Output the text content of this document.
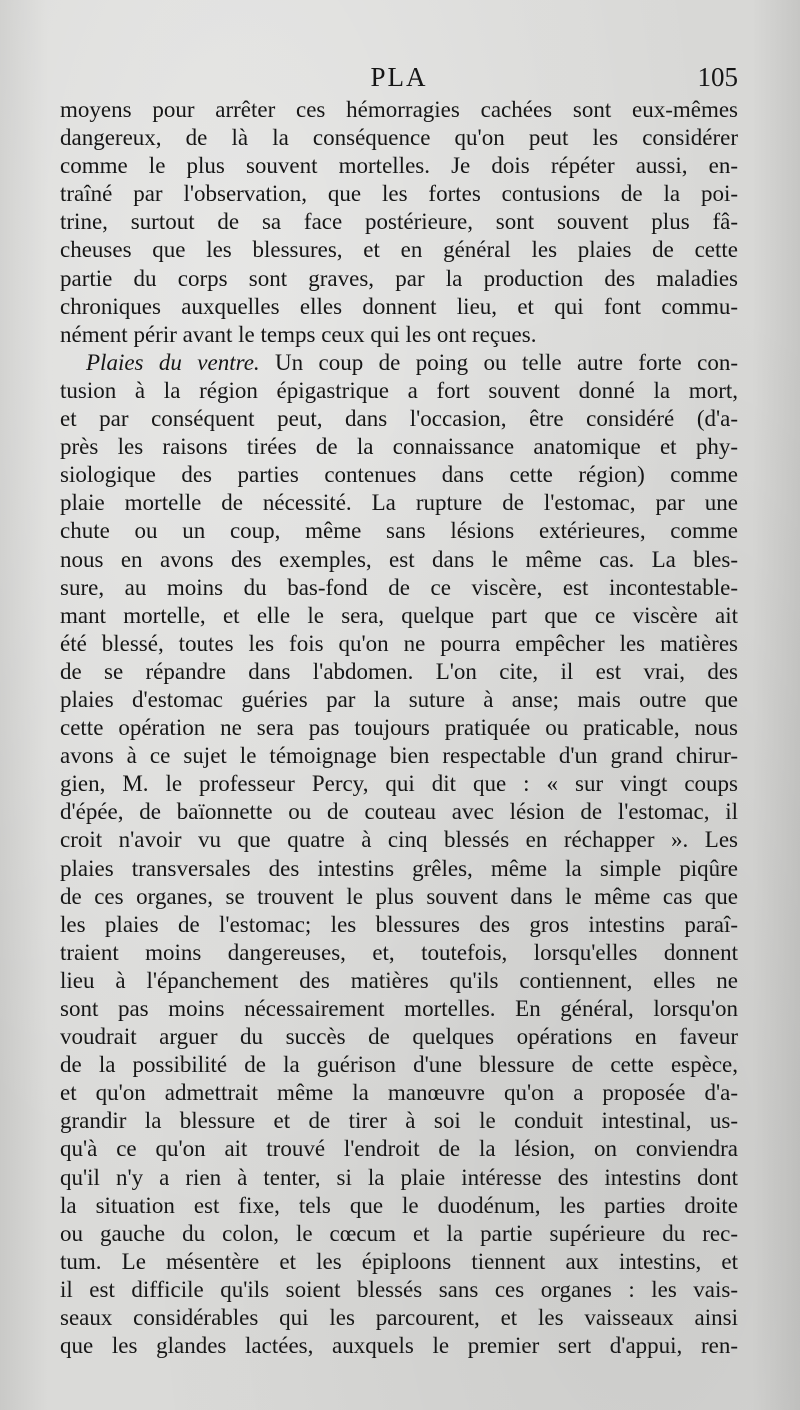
PLA	105
moyens pour arrêter ces hémorragies cachées sont eux-mêmes
dangereux, de là la conséquence qu'on peut les considérer
comme le plus souvent mortelles. Je dois répéter aussi, en-
traîné par l'observation, que les fortes contusions de la poi-
trine, surtout de sa face postérieure, sont souvent plus fâ-
cheuses que les blessures, et en général les plaies de cette
partie du corps sont graves, par la production des maladies
chroniques auxquelles elles donnent lieu, et qui font commu-
nément périr avant le temps ceux qui les ont reçues.
Plaies du ventre. Un coup de poing ou telle autre forte con-
tusion à la région épigastrique a fort souvent donné la mort,
et par conséquent peut, dans l'occasion, être considéré (d'a-
près les raisons tirées de la connaissance anatomique et phy-
siologique des parties contenues dans cette région) comme
plaie mortelle de nécessité. La rupture de l'estomac, par une
chute ou un coup, même sans lésions extérieures, comme
nous en avons des exemples, est dans le même cas. La bles-
sure, au moins du bas-fond de ce viscère, est incontestable-
mant mortelle, et elle le sera, quelque part que ce viscère ait
été blessé, toutes les fois qu'on ne pourra empêcher les matières
de se répandre dans l'abdomen. L'on cite, il est vrai, des
plaies d'estomac guéries par la suture à anse; mais outre que
cette opération ne sera pas toujours pratiquée ou praticable, nous
avons à ce sujet le témoignage bien respectable d'un grand chirur-
gien, M. le professeur Percy, qui dit que : « sur vingt coups
d'épée, de baïonnette ou de couteau avec lésion de l'estomac, il
croit n'avoir vu que quatre à cinq blessés en réchapper ». Les
plaies transversales des intestins grêles, même la simple piqûre
de ces organes, se trouvent le plus souvent dans le même cas que
les plaies de l'estomac; les blessures des gros intestins paraî-
traient moins dangereuses, et, toutefois, lorsqu'elles donnent
lieu à l'épanchement des matières qu'ils contiennent, elles ne
sont pas moins nécessairement mortelles. En général, lorsqu'on
voudrait arguer du succès de quelques opérations en faveur
de la possibilité de la guérison d'une blessure de cette espèce,
et qu'on admettrait même la manœuvre qu'on a proposée d'a-
grandir la blessure et de tirer à soi le conduit intestinal, us-
qu'à ce qu'on ait trouvé l'endroit de la lésion, on conviendra
qu'il n'y a rien à tenter, si la plaie intéresse des intestins dont
la situation est fixe, tels que le duodénum, les parties droite
ou gauche du colon, le cœcum et la partie supérieure du rec-
tum. Le mésentère et les épiploons tiennent aux intestins, et
il est difficile qu'ils soient blessés sans ces organes : les vais-
seaux considérables qui les parcourent, et les vaisseaux ainsi
que les glandes lactées, auxquels le premier sert d'appui, ren-
